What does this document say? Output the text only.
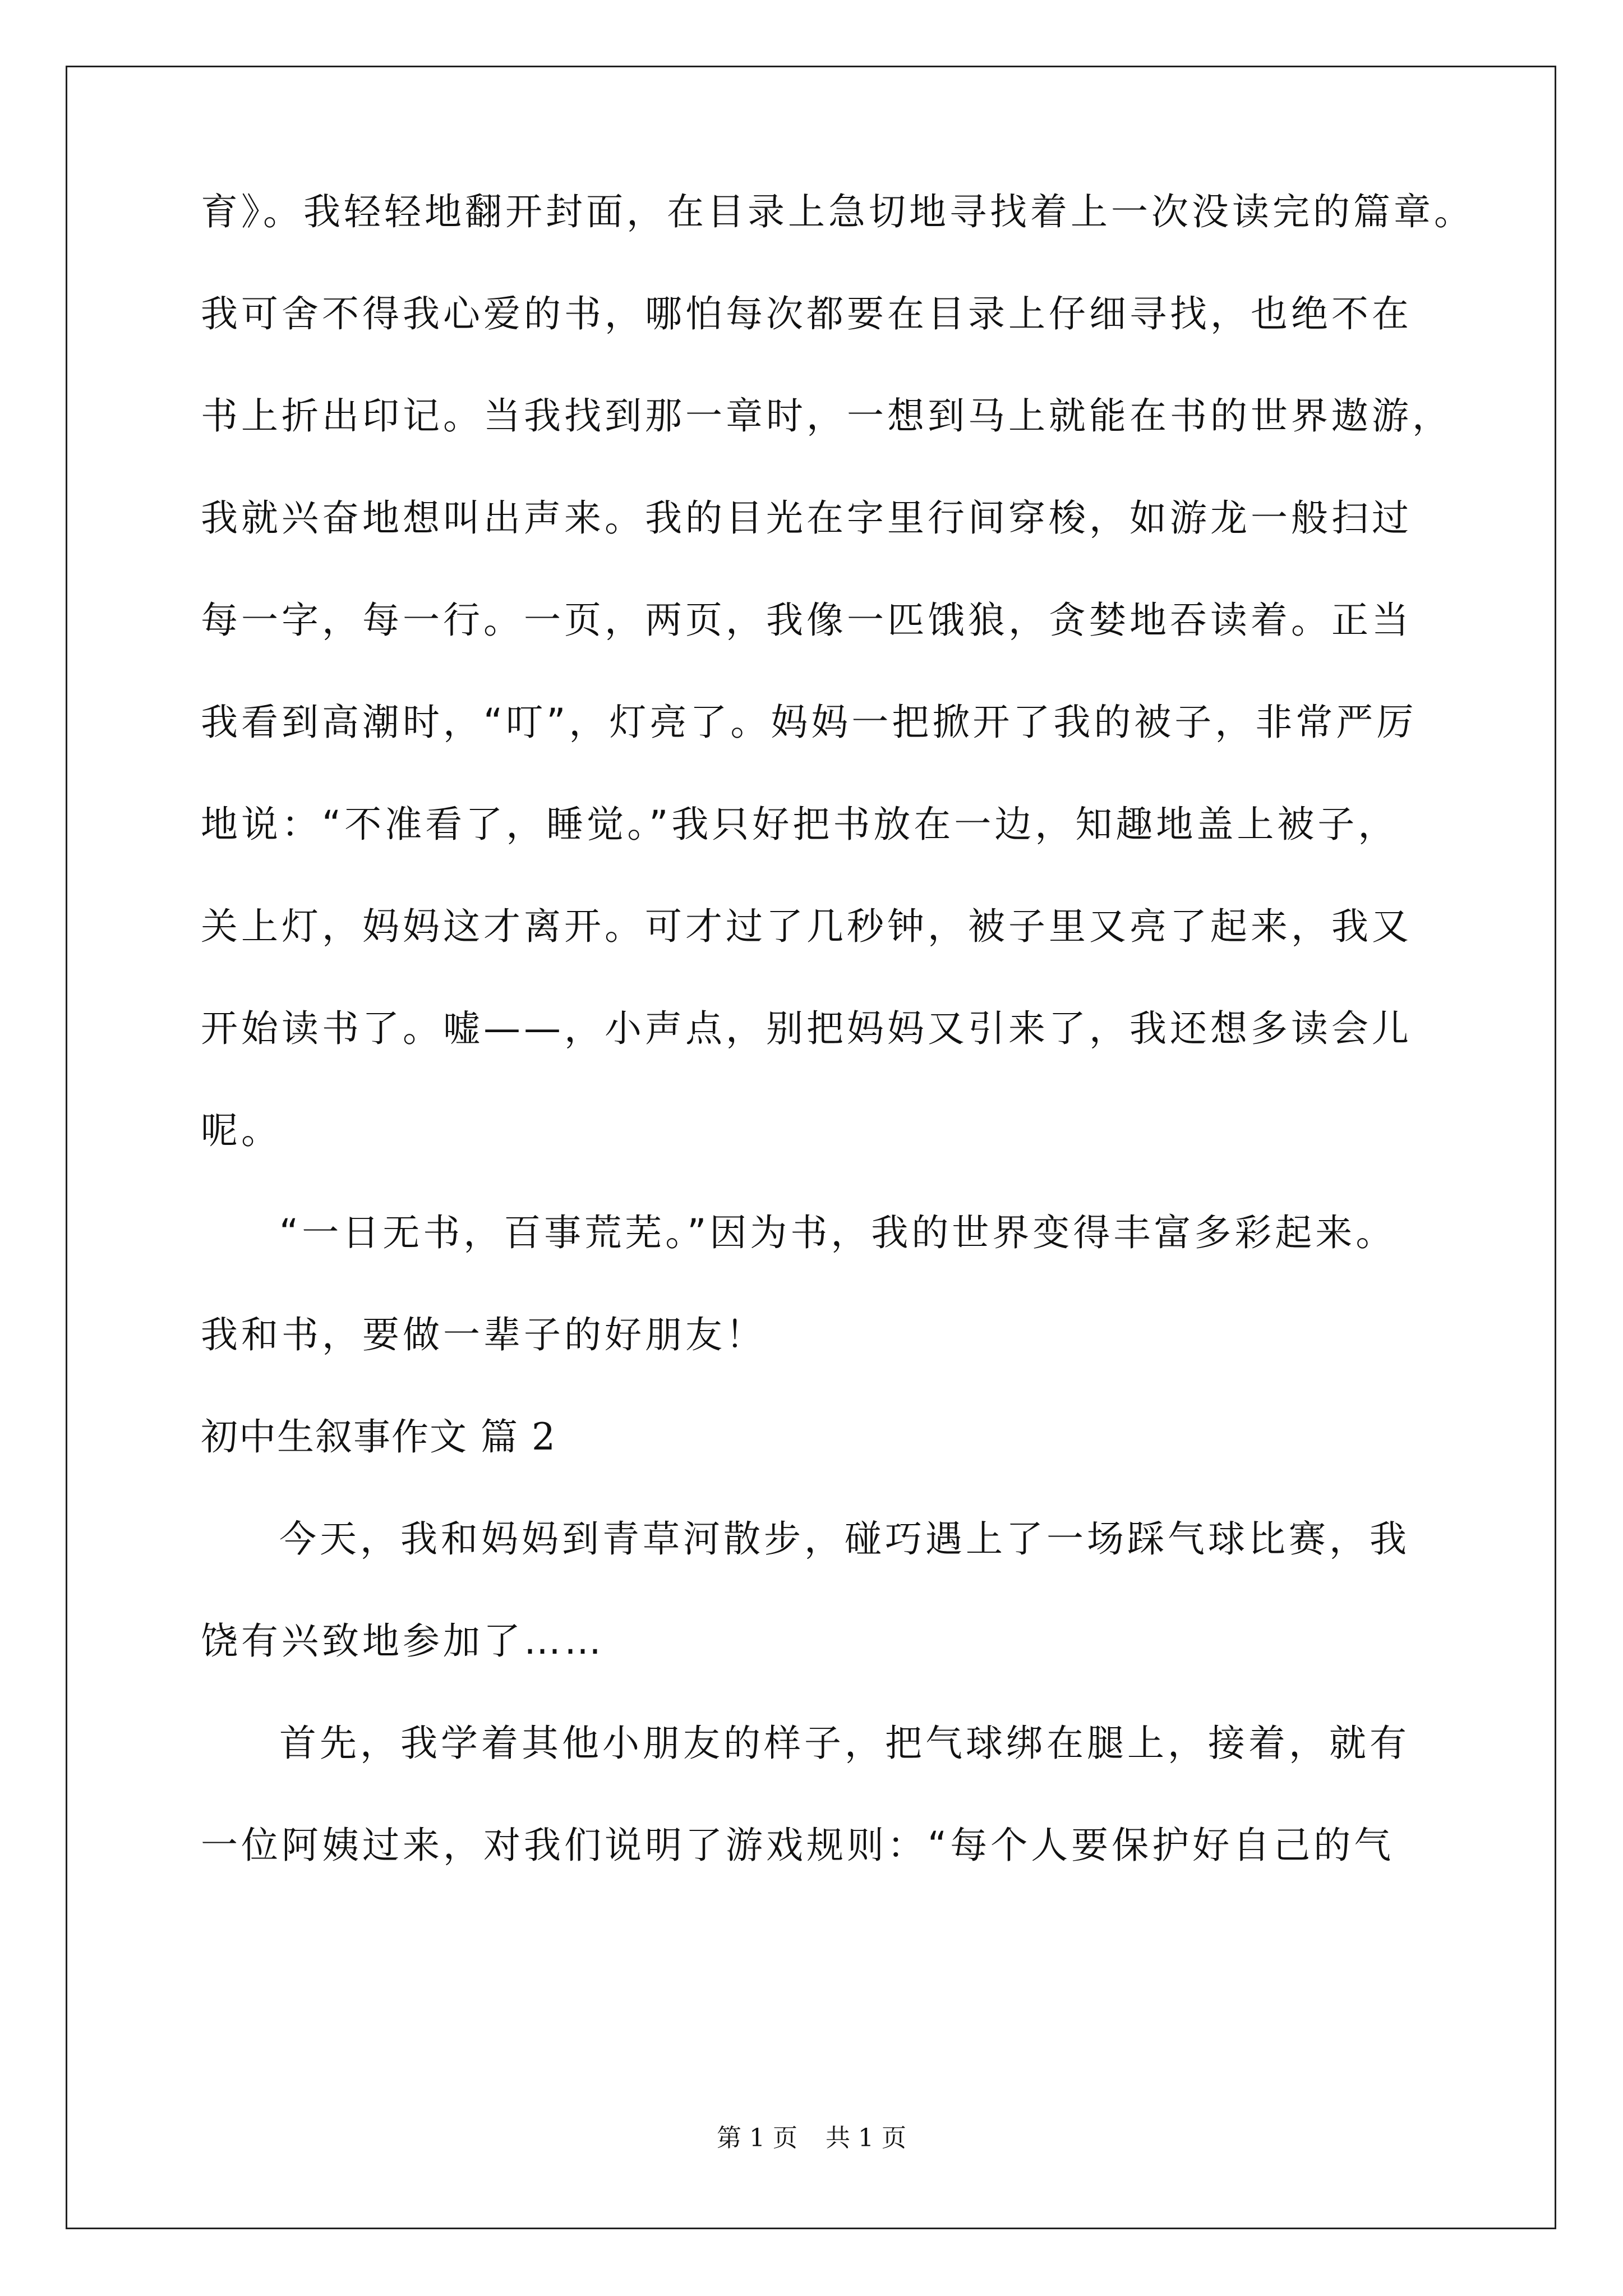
育》。我轻轻地翻开封面，在目录上急切地寻找着上一次没读完的篇章。
我可舍不得我心爱的书，哪怕每次都要在目录上仔细寻找，也绝不在
书上折出印记。当我找到那一章时，一想到马上就能在书的世界遨游，
我就兴奋地想叫出声来。我的目光在字里行间穿梭，如游龙一般扫过
每一字，每一行。一页，两页，我像一匹饿狼，贪婪地吞读着。正当
我看到高潮时，“叮”，灯亮了。妈妈一把掀开了我的被子，非常严厉
地说：“不准看了，睡觉。”我只好把书放在一边，知趣地盖上被子，
关上灯，妈妈这才离开。可才过了几秒钟，被子里又亮了起来，我又
开始读书了。嘘——，小声点，别把妈妈又引来了，我还想多读会儿
呢。
“一日无书，百事荒芜。”因为书，我的世界变得丰富多彩起来。
我和书，要做一辈子的好朋友！
初中生叙事作文 篇 2
今天，我和妈妈到青草河散步，碰巧遇上了一场踩气球比赛，我
饶有兴致地参加了……
首先，我学着其他小朋友的样子，把气球绑在腿上，接着，就有
一位阿姨过来，对我们说明了游戏规则：“每个人要保护好自己的气
第 1 页 共 1 页
